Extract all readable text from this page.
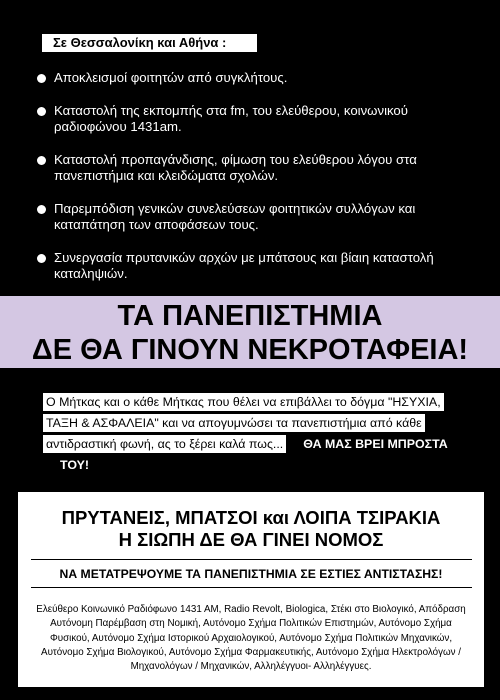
Σε Θεσσαλονίκη και Αθήνα :
Αποκλεισμοί φοιτητών από συγκλήτους.
Καταστολή της εκπομπής στα fm, του ελεύθερου, κοινωνικού ραδιοφώνου 1431am.
Καταστολή προπαγάνδισης, φίμωση του ελεύθερου λόγου στα πανεπιστήμια και κλειδώματα σχολών.
Παρεμπόδιση γενικών συνελεύσεων φοιτητικών συλλόγων και καταπάτηση των αποφάσεων τους.
Συνεργασία πρυτανικών αρχών με μπάτσους και βίαιη καταστολή καταληψιών.
ΤΑ ΠΑΝΕΠΙΣΤΗΜΙΑ
ΔΕ ΘΑ ΓΙΝΟΥΝ ΝΕΚΡΟΤΑΦΕΙΑ!
Ο Μήτκας και ο κάθε Μήτκας που θέλει να επιβάλλει το δόγμα "ΗΣΥΧΙΑ, ΤΑΞΗ & ΑΣΦΑΛΕΙΑ" και να απογυμνώσει τα πανεπιστήμια από κάθε αντιδραστική φωνή, ας το ξέρει καλά πως... ΘΑ ΜΑΣ ΒΡΕΙ ΜΠΡΟΣΤΑ ΤΟΥ!
ΠΡΥΤΑΝΕΙΣ, ΜΠΑΤΣΟΙ και ΛΟΙΠΑ ΤΣΙΡΑΚΙΑ
Η ΣΙΩΠΗ ΔΕ ΘΑ ΓΙΝΕΙ ΝΟΜΟΣ
ΝΑ ΜΕΤΑΤΡΕΨΟΥΜΕ ΤΑ ΠΑΝΕΠΙΣΤΗΜΙΑ ΣΕ ΕΣΤΙΕΣ ΑΝΤΙΣΤΑΣΗΣ!
Ελεύθερο Κοινωνικό Ραδιόφωνο 1431 ΑΜ, Radio Revolt, Biologica, Στέκι στο Βιολογικό, Απόδραση Αυτόνομη Παρέμβαση στη Νομική, Αυτόνομο Σχήμα Πολιτικών Επιστημών, Αυτόνομο Σχήμα Φυσικού, Αυτόνομο Σχήμα Ιστορικού Αρχαιολογικού, Αυτόνομο Σχήμα Πολιτικών Μηχανικών, Αυτόνομο Σχήμα Βιολογικού, Αυτόνομο Σχήμα Φαρμακευτικής, Αυτόνομο Σχήμα Ηλεκτρολόγων / Μηχανολόγων / Μηχανικών, Αλληλέγγυοι- Αλληλέγγυες.
